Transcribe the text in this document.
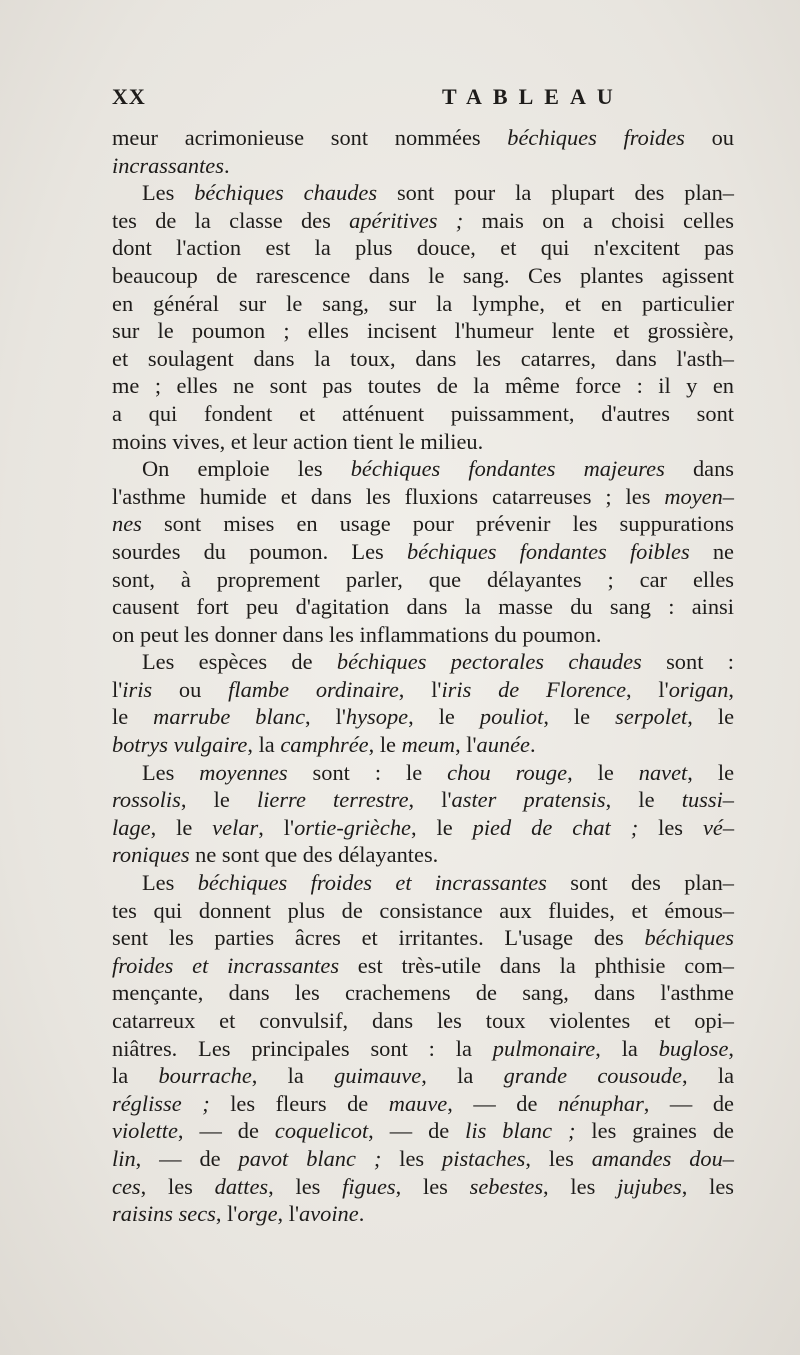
XX	TABLEAU
meur acrimonieuse sont nommées béchiques froides ou
incrassantes.
Les béchiques chaudes sont pour la plupart des plan–
tes de la classe des apéritives ; mais on a choisi celles
dont l'action est la plus douce, et qui n'excitent pas
beaucoup de rarescence dans le sang. Ces plantes agissent
en général sur le sang, sur la lymphe, et en particulier
sur le poumon ; elles incisent l'humeur lente et grossière,
et soulagent dans la toux, dans les catarres, dans l'asth–
me ; elles ne sont pas toutes de la même force : il y en
a qui fondent et atténuent puissamment, d'autres sont
moins vives, et leur action tient le milieu.
On emploie les béchiques fondantes majeures dans
l'asthme humide et dans les fluxions catarreuses ; les moyen–
nes sont mises en usage pour prévenir les suppurations
sourdes du poumon. Les béchiques fondantes foibles ne
sont, à proprement parler, que délayantes ; car elles
causent fort peu d'agitation dans la masse du sang : ainsi
on peut les donner dans les inflammations du poumon.
Les espèces de béchiques pectorales chaudes sont :
l'iris ou flambe ordinaire, l'iris de Florence, l'origan,
le marrube blanc, l'hysope, le pouliot, le serpolet, le
botrys vulgaire, la camphrée, le meum, l'aunée.
Les moyennes sont : le chou rouge, le navet, le
rossolis, le lierre terrestre, l'aster pratensis, le tussi–
lage, le velar, l'ortie-grièche, le pied de chat ; les vé–
roniques ne sont que des délayantes.
Les béchiques froides et incrassantes sont des plan–
tes qui donnent plus de consistance aux fluides, et émous–
sent les parties âcres et irritantes. L'usage des béchiques
froides et incrassantes est très-utile dans la phthisie com–
mençante, dans les crachemens de sang, dans l'asthme
catarreux et convulsif, dans les toux violentes et opi–
niâtres. Les principales sont : la pulmonaire, la buglose,
la bourrache, la guimauve, la grande cousoude, la
réglisse ; les fleurs de mauve, — de nénuphar, — de
violette, — de coquelicot, — de lis blanc ; les graines de
lin, — de pavot blanc ; les pistaches, les amandes dou–
ces, les dattes, les figues, les sebestes, les jujubes, les
raisins secs, l'orge, l'avoine.
